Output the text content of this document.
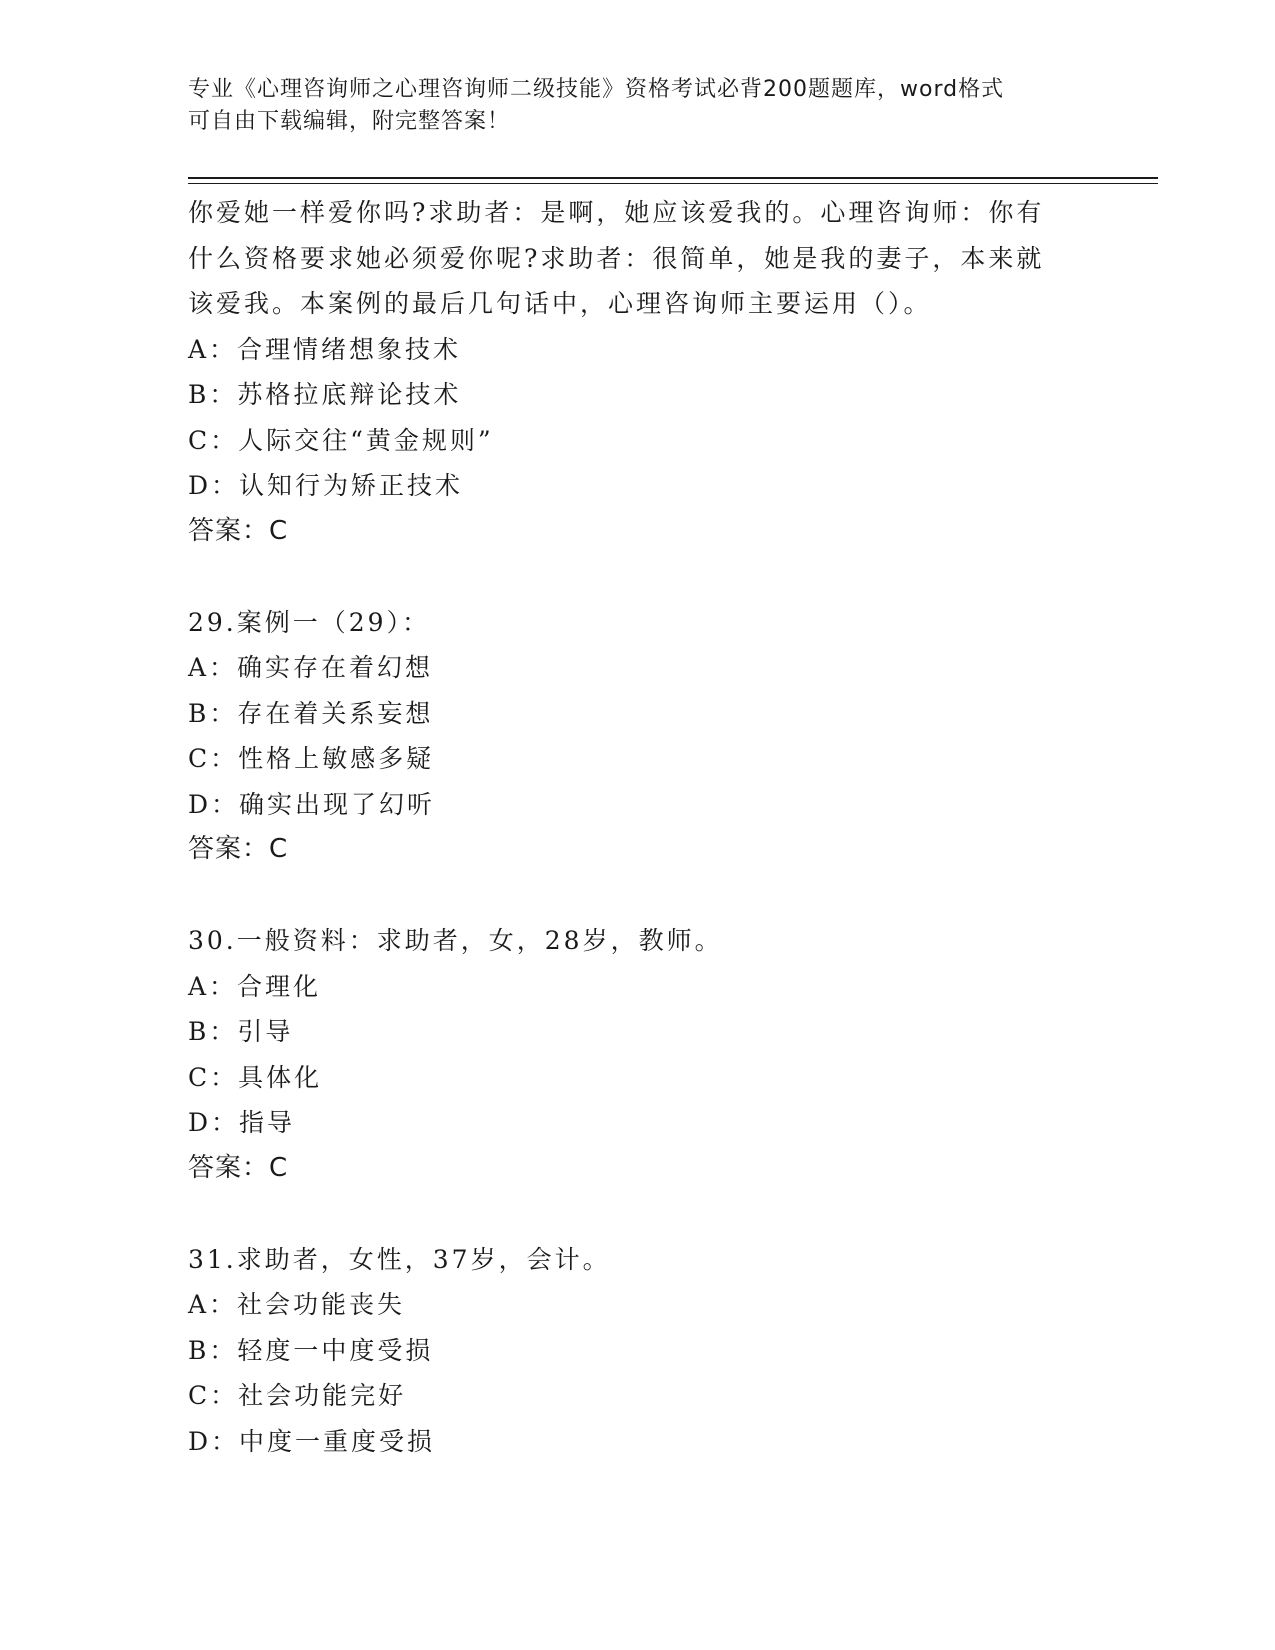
专业《心理咨询师之心理咨询师二级技能》资格考试必背200题题库，word格式
可自由下载编辑，附完整答案！
你爱她一样爱你吗?求助者：是啊，她应该爱我的。心理咨询师：你有
什么资格要求她必须爱你呢?求助者：很简单，她是我的妻子，本来就
该爱我。本案例的最后几句话中，心理咨询师主要运用（）。
A：合理情绪想象技术
B：苏格拉底辩论技术
C：人际交往“黄金规则”
D：认知行为矫正技术
答案：C
29.案例一（29）：
A：确实存在着幻想
B：存在着关系妄想
C：性格上敏感多疑
D：确实出现了幻听
答案：C
30.一般资料：求助者，女，28岁，教师。
A：合理化
B：引导
C：具体化
D：指导
答案：C
31.求助者，女性，37岁，会计。
A：社会功能丧失
B：轻度一中度受损
C：社会功能完好
D：中度一重度受损
